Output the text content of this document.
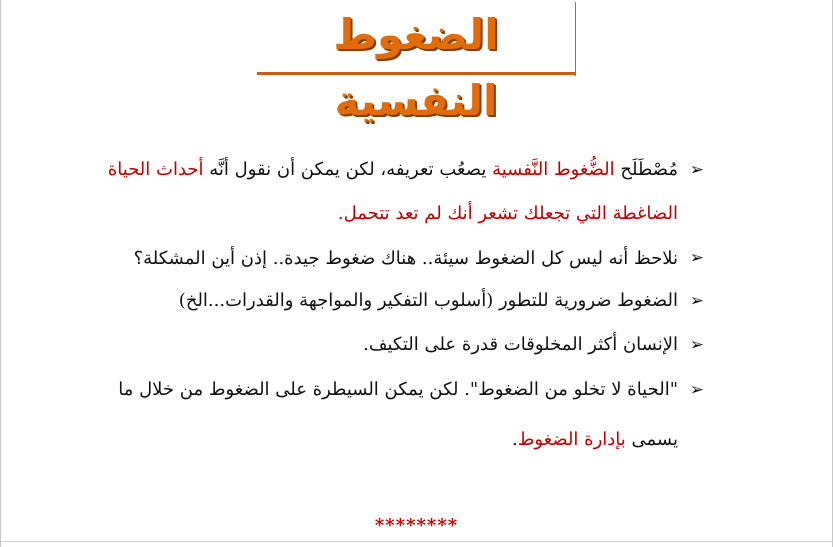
الضغوط النفسية

➢
مُصْطَلَح الضُّغوط النَّفسية يصعُب تعريفه، لكن يمكن أن نقول أنَّه أحداث الحياة الضاغطة التي تجعلك تشعر أنك لم تعد تتحمل.

➢
نلاحظ أنه ليس كل الضغوط سيئة.. هناك ضغوط جيدة.. إذن أين المشكلة؟

➢
الضغوط ضرورية للتطور (أسلوب التفكير والمواجهة والقدرات...الخ)

➢
الإنسان أكثر المخلوقات قدرة على التكيف.

➢
"الحياة لا تخلو من الضغوط". لكن يمكن السيطرة على الضغوط من خلال ما يسمى بإدارة الضغوط.

********
